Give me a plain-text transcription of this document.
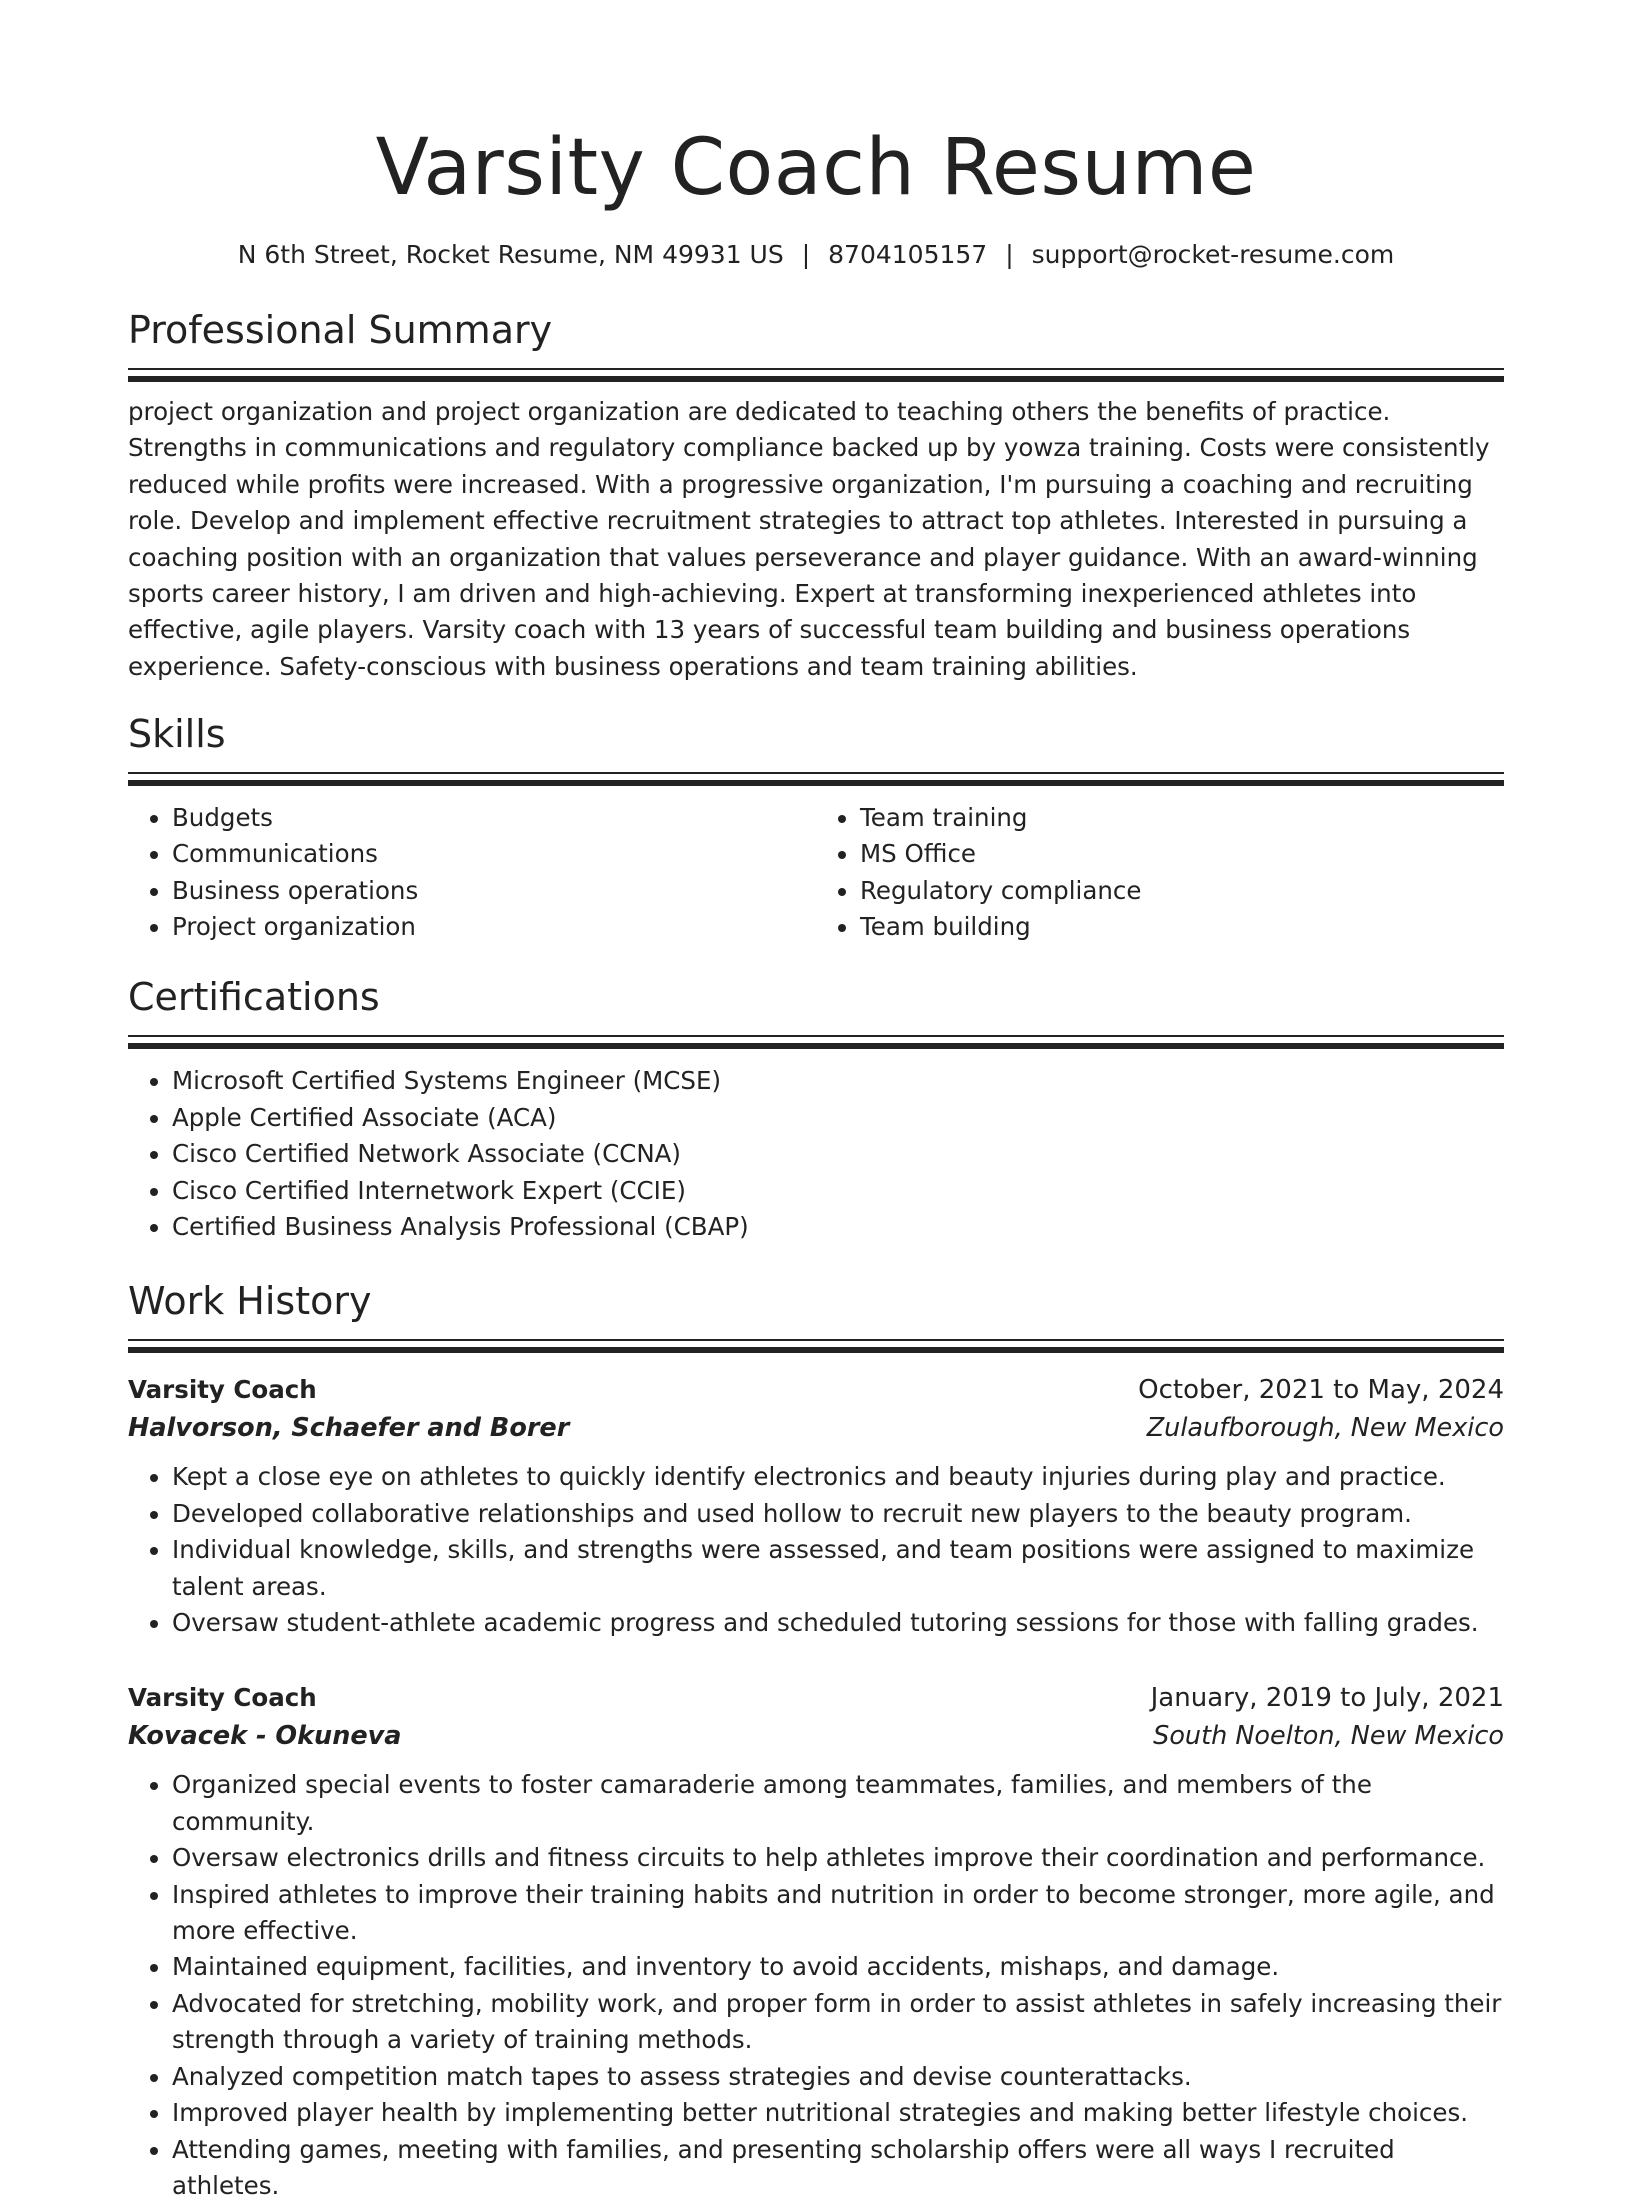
Varsity Coach Resume
N 6th Street, Rocket Resume, NM 49931 US | 8704105157 | support@rocket-resume.com
Professional Summary

project organization and project organization are dedicated to teaching others the benefits of practice. Strengths in communications and regulatory compliance backed up by yowza training. Costs were consistently reduced while profits were increased. With a progressive organization, I'm pursuing a coaching and recruiting role. Develop and implement effective recruitment strategies to attract top athletes. Interested in pursuing a coaching position with an organization that values perseverance and player guidance. With an award-winning sports career history, I am driven and high-achieving. Expert at transforming inexperienced athletes into effective, agile players. Varsity coach with 13 years of successful team building and business operations experience. Safety-conscious with business operations and team training abilities.

Skills
• Budgets
• Communications
• Business operations
• Project organization
• Team training
• MS Office
• Regulatory compliance
• Team building
Certifications
• Microsoft Certified Systems Engineer (MCSE)
• Apple Certified Associate (ACA)
• Cisco Certified Network Associate (CCNA)
• Cisco Certified Internetwork Expert (CCIE)
• Certified Business Analysis Professional (CBAP)
Work History
Varsity Coach	October, 2021 to May, 2024
Halvorson, Schaefer and Borer	Zulaufborough, New Mexico
• Kept a close eye on athletes to quickly identify electronics and beauty injuries during play and practice.
• Developed collaborative relationships and used hollow to recruit new players to the beauty program.
• Individual knowledge, skills, and strengths were assessed, and team positions were assigned to maximize talent areas.
• Oversaw student-athlete academic progress and scheduled tutoring sessions for those with falling grades.
Varsity Coach	January, 2019 to July, 2021
Kovacek - Okuneva	South Noelton, New Mexico
• Organized special events to foster camaraderie among teammates, families, and members of the community.
• Oversaw electronics drills and fitness circuits to help athletes improve their coordination and performance.
• Inspired athletes to improve their training habits and nutrition in order to become stronger, more agile, and more effective.
• Maintained equipment, facilities, and inventory to avoid accidents, mishaps, and damage.
• Advocated for stretching, mobility work, and proper form in order to assist athletes in safely increasing their strength through a variety of training methods.
• Analyzed competition match tapes to assess strategies and devise counterattacks.
• Improved player health by implementing better nutritional strategies and making better lifestyle choices.
• Attending games, meeting with families, and presenting scholarship offers were all ways I recruited athletes.
